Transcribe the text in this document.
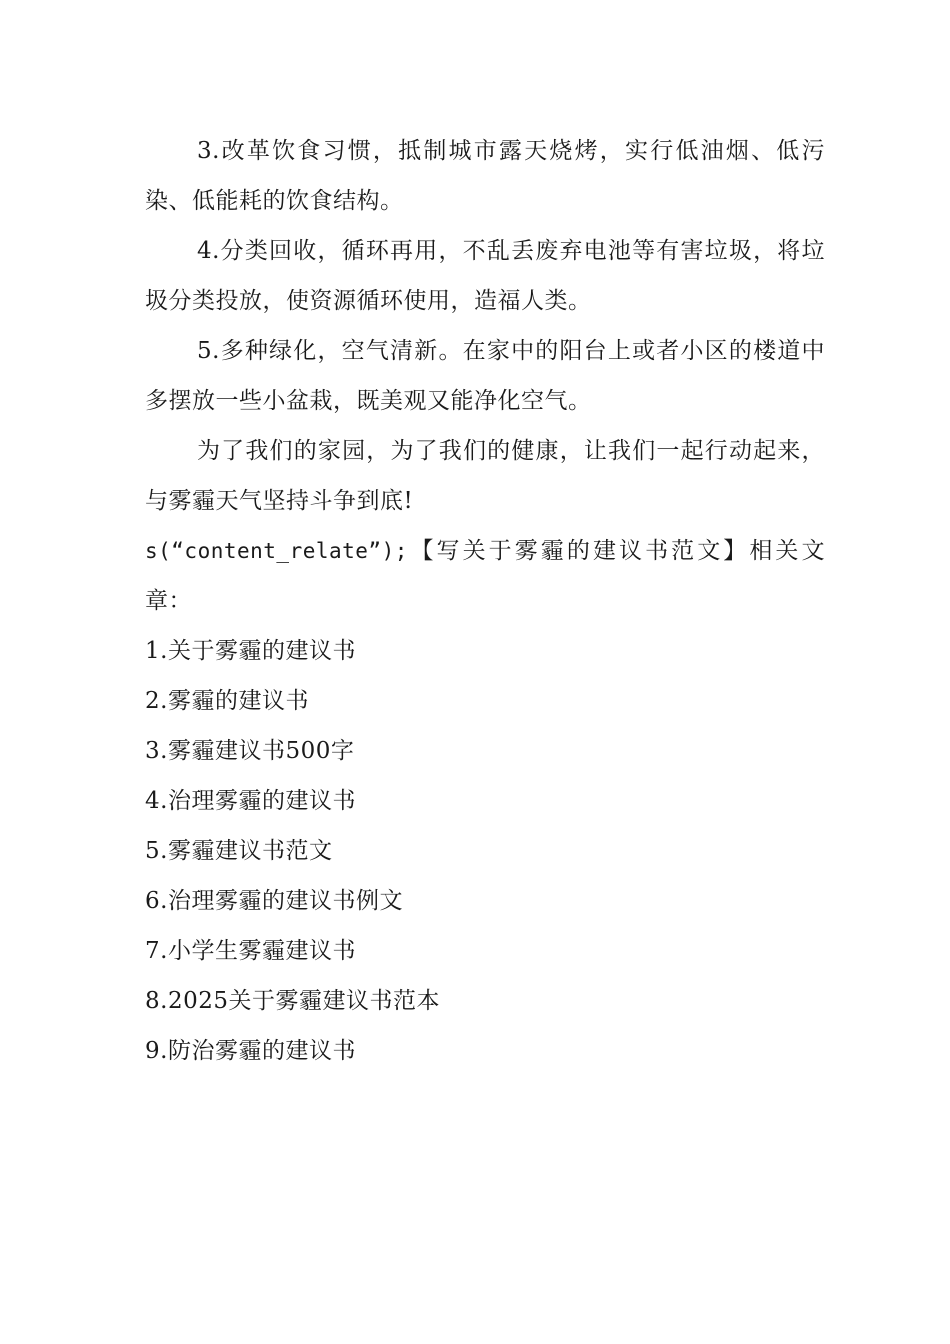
3.改革饮食习惯，抵制城市露天烧烤，实行低油烟、低污染、低能耗的饮食结构。

4.分类回收，循环再用，不乱丢废弃电池等有害垃圾，将垃圾分类投放，使资源循环使用，造福人类。

5.多种绿化，空气清新。在家中的阳台上或者小区的楼道中多摆放一些小盆栽，既美观又能净化空气。

为了我们的家园，为了我们的健康，让我们一起行动起来，与雾霾天气坚持斗争到底!

s(“content_relate”);【写关于雾霾的建议书范文】相关文章：

1.关于雾霾的建议书
2.雾霾的建议书
3.雾霾建议书500字
4.治理雾霾的建议书
5.雾霾建议书范文
6.治理雾霾的建议书例文
7.小学生雾霾建议书
8.2025关于雾霾建议书范本
9.防治雾霾的建议书
